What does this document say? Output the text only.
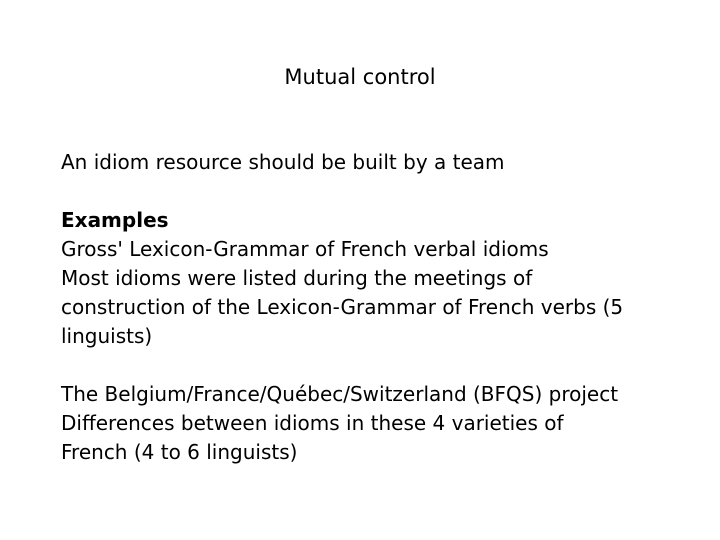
Mutual control

An idiom resource should be built by a team

Examples

Gross' Lexicon-Grammar of French verbal idioms

Most idioms were listed during the meetings of

construction of the Lexicon-Grammar of French verbs (5

linguists)

The Belgium/France/Québec/Switzerland (BFQS) project

Differences between idioms in these 4 varieties of

French (4 to 6 linguists)
